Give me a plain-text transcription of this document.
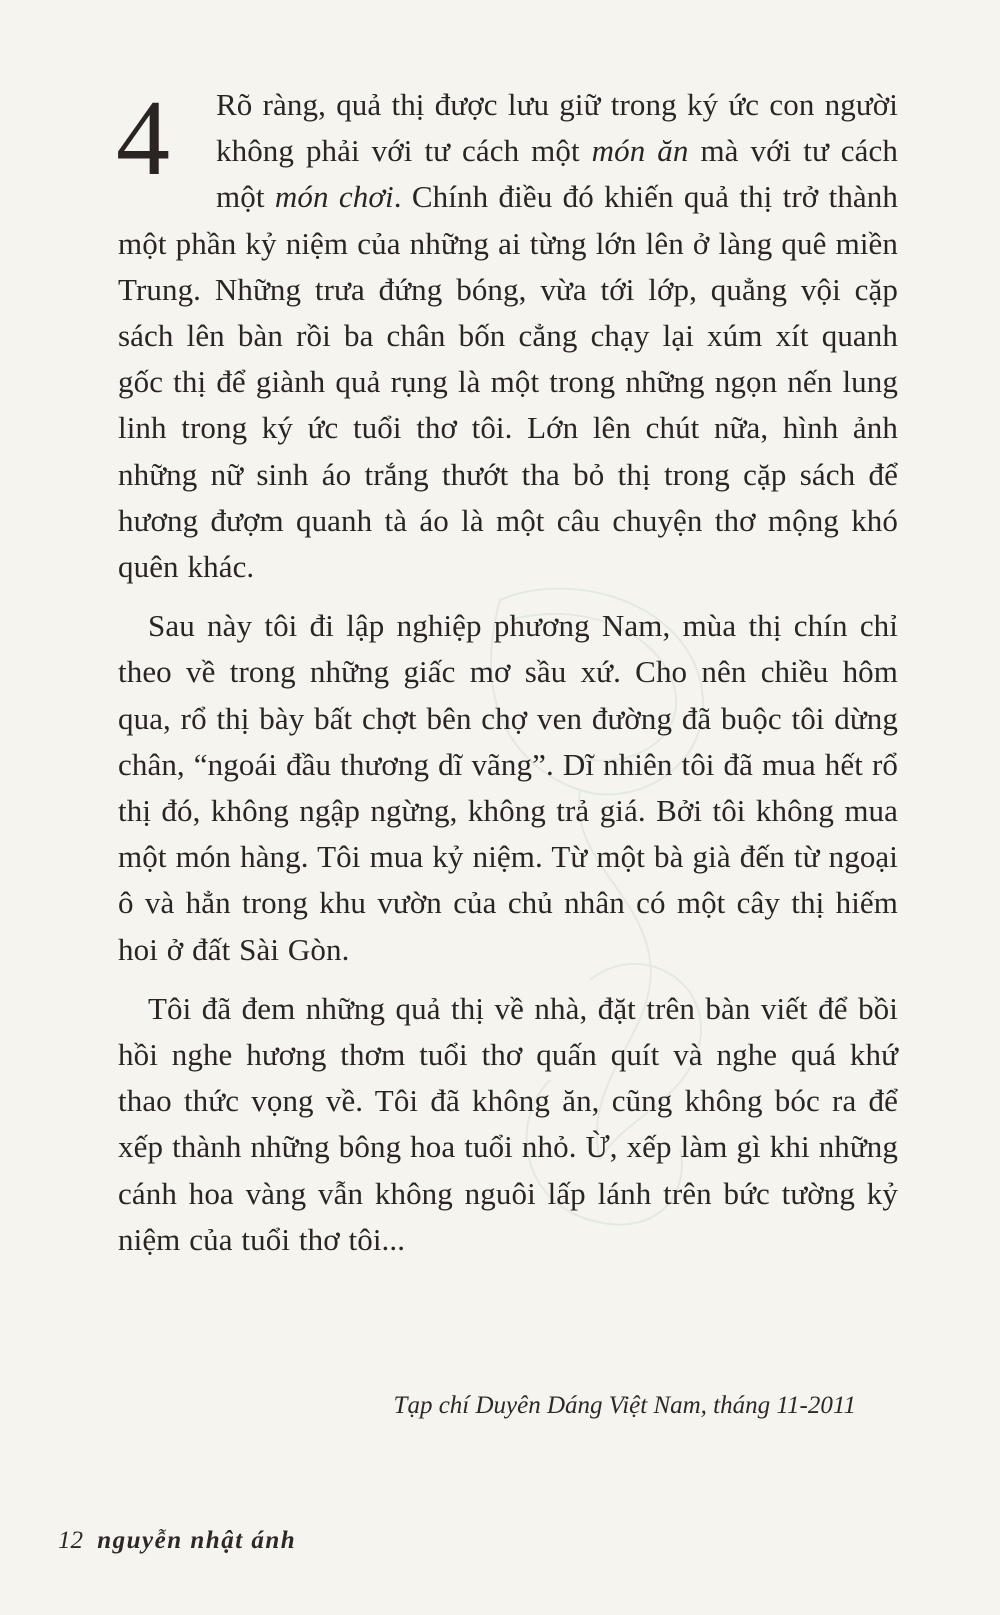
4 Rõ ràng, quả thị được lưu giữ trong ký ức con người không phải với tư cách một món ăn mà với tư cách một món chơi. Chính điều đó khiến quả thị trở thành một phần kỷ niệm của những ai từng lớn lên ở làng quê miền Trung. Những trưa đứng bóng, vừa tới lớp, quẳng vội cặp sách lên bàn rồi ba chân bốn cẳng chạy lại xúm xít quanh gốc thị để giành quả rụng là một trong những ngọn nến lung linh trong ký ức tuổi thơ tôi. Lớn lên chút nữa, hình ảnh những nữ sinh áo trắng thướt tha bỏ thị trong cặp sách để hương đượm quanh tà áo là một câu chuyện thơ mộng khó quên khác.

Sau này tôi đi lập nghiệp phương Nam, mùa thị chín chỉ theo về trong những giấc mơ sầu xứ. Cho nên chiều hôm qua, rổ thị bày bất chợt bên chợ ven đường đã buộc tôi dừng chân, “ngoái đầu thương dĩ vãng”. Dĩ nhiên tôi đã mua hết rổ thị đó, không ngập ngừng, không trả giá. Bởi tôi không mua một món hàng. Tôi mua kỷ niệm. Từ một bà già đến từ ngoại ô và hẳn trong khu vườn của chủ nhân có một cây thị hiếm hoi ở đất Sài Gòn.

Tôi đã đem những quả thị về nhà, đặt trên bàn viết để bồi hồi nghe hương thơm tuổi thơ quấn quít và nghe quá khứ thao thức vọng về. Tôi đã không ăn, cũng không bóc ra để xếp thành những bông hoa tuổi nhỏ. Ừ, xếp làm gì khi những cánh hoa vàng vẫn không nguôi lấp lánh trên bức tường kỷ niệm của tuổi thơ tôi...

Tạp chí Duyên Dáng Việt Nam, tháng 11-2011
12 nguyễn nhật ánh
